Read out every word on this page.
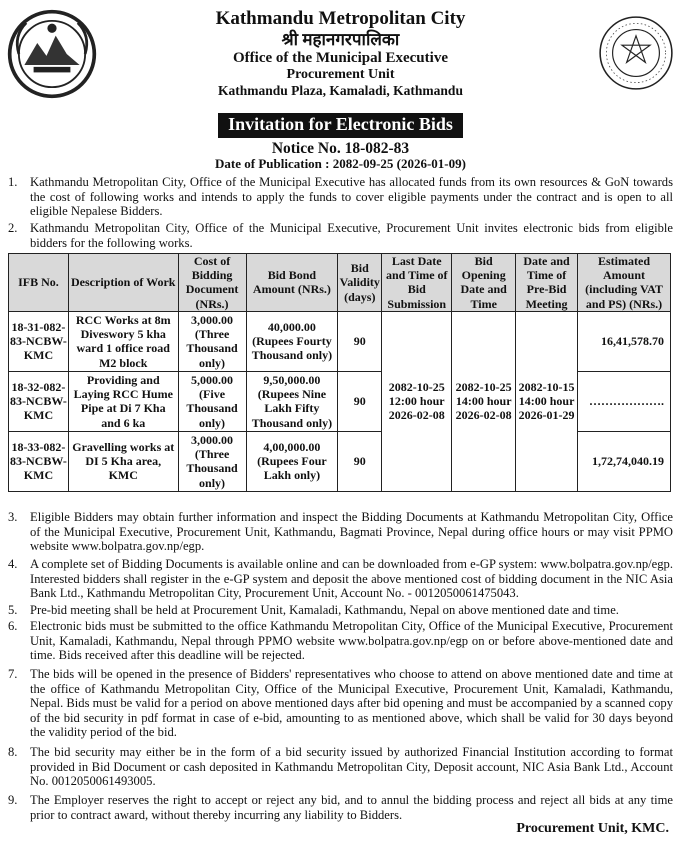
Kathmandu Metropolitan City
श्री महानगरपालिका
Office of the Municipal Executive
Procurement Unit
Kathmandu Plaza, Kamaladi, Kathmandu
Invitation for Electronic Bids
Notice No. 18-082-83
Date of Publication : 2082-09-25 (2026-01-09)
1. Kathmandu Metropolitan City, Office of the Municipal Executive has allocated funds from its own resources & GoN towards the cost of following works and intends to apply the funds to cover eligible payments under the contract and is open to all eligible Nepalese Bidders.
2. Kathmandu Metropolitan City, Office of the Municipal Executive, Procurement Unit invites electronic bids from eligible bidders for the following works.
IFB No.	Description of Work	Cost of Bidding Document (NRs.)	Bid Bond Amount (NRs.)	Bid Validity (days)	Last Date and Time of Bid Submission	Bid Opening Date and Time	Date and Time of Pre-Bid Meeting	Estimated Amount (including VAT and PS) (NRs.)
18-31-082-83-NCBW-KMC	RCC Works at 8m Diveswory 5 kha ward 1 office road M2 block	3,000.00 (Three Thousand only)	40,000.00 (Rupees Fourty Thousand only)	90	2082-10-25 12:00 hour 2026-02-08	2082-10-25 14:00 hour 2026-02-08	2082-10-15 14:00 hour 2026-01-29	16,41,578.70
18-32-082-83-NCBW-KMC	Providing and Laying RCC Hume Pipe at Di 7 Kha and 6 ka	5,000.00 (Five Thousand only)	9,50,000.00 (Rupees Nine Lakh Fifty Thousand only)	90				……………….
18-33-082-83-NCBW-KMC	Gravelling works at DI 5 Kha area, KMC	3,000.00 (Three Thousand only)	4,00,000.00 (Rupees Four Lakh only)	90				1,72,74,040.19
3. Eligible Bidders may obtain further information and inspect the Bidding Documents at Kathmandu Metropolitan City, Office of the Municipal Executive, Procurement Unit, Kathmandu, Bagmati Province, Nepal during office hours or may visit PPMO website www.bolpatra.gov.np/egp.
4. A complete set of Bidding Documents is available online and can be downloaded from e-GP system: www.bolpatra.gov.np/egp. Interested bidders shall register in the e-GP system and deposit the above mentioned cost of bidding document in the NIC Asia Bank Ltd., Kathmandu Metropolitan City, Procurement Unit, Account No. - 0012050061475043.
5. Pre-bid meeting shall be held at Procurement Unit, Kamaladi, Kathmandu, Nepal on above mentioned date and time.
6. Electronic bids must be submitted to the office Kathmandu Metropolitan City, Office of the Municipal Executive, Procurement Unit, Kamaladi, Kathmandu, Nepal through PPMO website www.bolpatra.gov.np/egp on or before above-mentioned date and time. Bids received after this deadline will be rejected.
7. The bids will be opened in the presence of Bidders' representatives who choose to attend on above mentioned date and time at the office of Kathmandu Metropolitan City, Office of the Municipal Executive, Procurement Unit, Kamaladi, Kathmandu, Nepal. Bids must be valid for a period on above mentioned days after bid opening and must be accompanied by a scanned copy of the bid security in pdf format in case of e-bid, amounting to as mentioned above, which shall be valid for 30 days beyond the validity period of the bid.
8. The bid security may either be in the form of a bid security issued by authorized Financial Institution according to format provided in Bid Document or cash deposited in Kathmandu Metropolitan City, Deposit account, NIC Asia Bank Ltd., Account No. 0012050061493005.
9. The Employer reserves the right to accept or reject any bid, and to annul the bidding process and reject all bids at any time prior to contract award, without thereby incurring any liability to Bidders.
Procurement Unit, KMC.
